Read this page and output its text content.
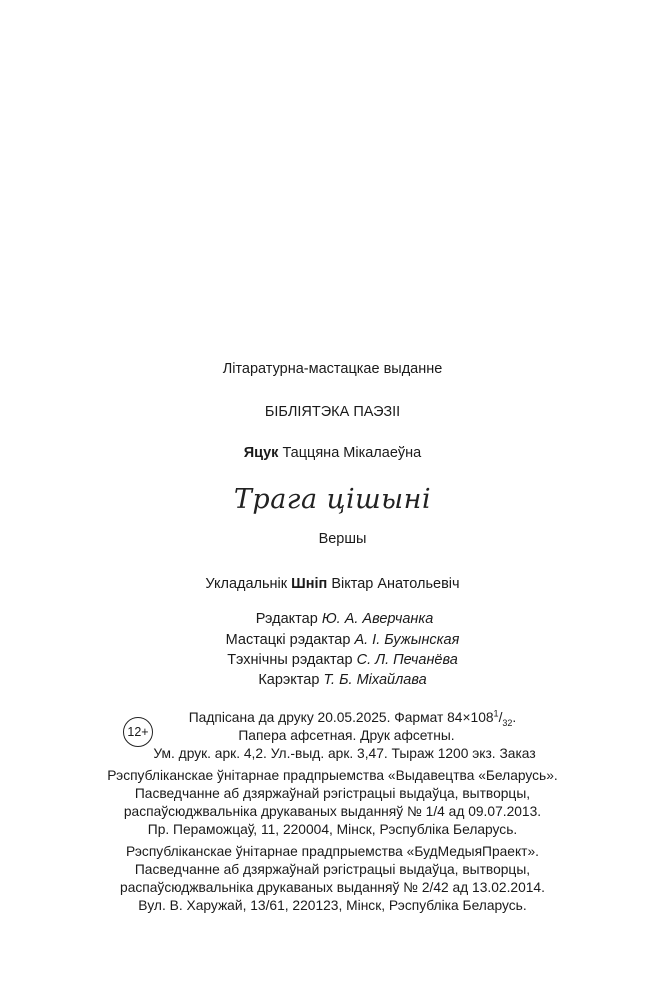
Літаратурна-мастацкае выданне
БІБЛІЯТЭКА ПАЭЗІІ
Яцук Таццяна Мікалаеўна
Трага цішыні
Вершы
Укладальнік Шніп Віктар Анатольевіч
Рэдактар Ю. А. Аверчанка
Мастацкі рэдактар А. І. Бужынская
Тэхнічны рэдактар С. Л. Печанёва
Карэктар Т. Б. Міхайлава
12+
Падпісана да друку 20.05.2025. Фармат $84\times 108^1/_{32}$.
Папера афсетная. Друк афсетны.
Ум. друк. арк. 4,2. Ул.-выд. арк. 3,47. Тыраж 1200 экз. Заказ
Рэспубліканскае ўнітарнае прадпрыемства «Выдавецтва «Беларусь».
Пасведчанне аб дзяржаўнай рэгістрацыі выдаўца, вытворцы,
распаўсюджвальніка друкаваных выданняў № 1/4 ад 09.07.2013.
Пр. Пераможцаў, 11, 220004, Мінск, Рэспубліка Беларусь.
Рэспубліканскае ўнітарнае прадпрыемства «БудМедыяПраект».
Пасведчанне аб дзяржаўнай рэгістрацыі выдаўца, вытворцы,
распаўсюджвальніка друкаваных выданняў № 2/42 ад 13.02.2014.
Вул. В. Харужай, 13/61, 220123, Мінск, Рэспубліка Беларусь.
